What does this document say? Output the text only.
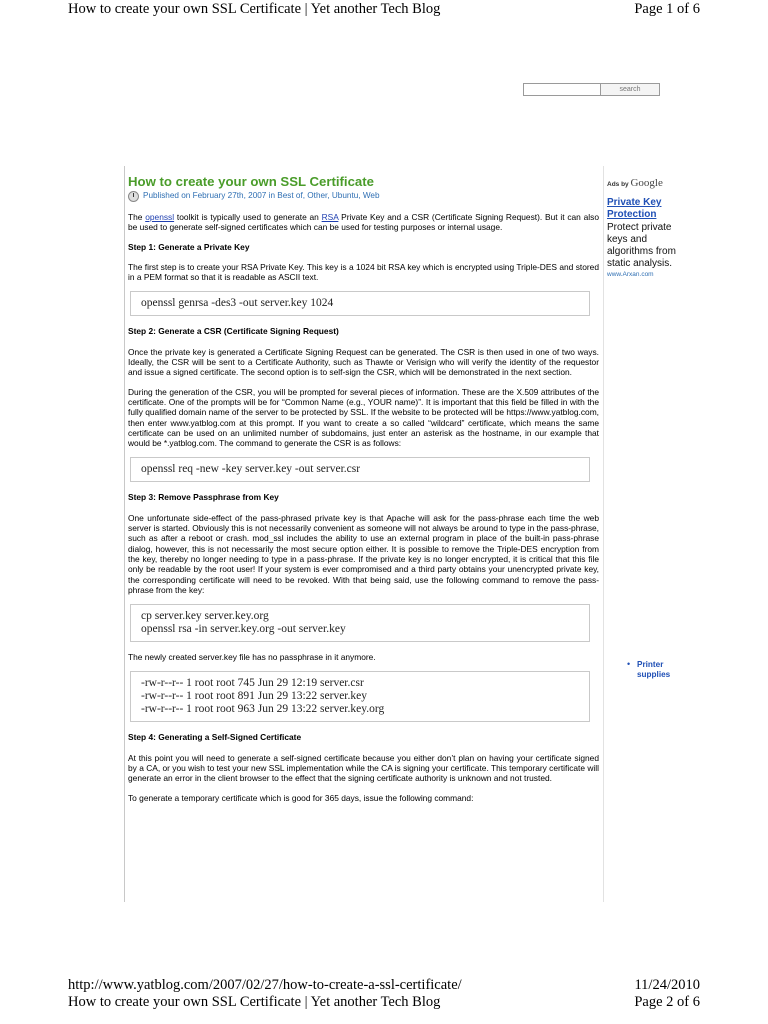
How to create your own SSL Certificate | Yet another Tech Blog	Page 1 of 6
search
How to create your own SSL Certificate
Published on February 27th, 2007 in Best of, Other, Ubuntu, Web

The openssl toolkit is typically used to generate an RSA Private Key and a CSR (Certificate Signing Request). But it can also be used to generate self-signed certificates which can be used for testing purposes or internal usage.

Step 1: Generate a Private Key

The first step is to create your RSA Private Key. This key is a 1024 bit RSA key which is encrypted using Triple-DES and stored in a PEM format so that it is readable as ASCII text.

openssl genrsa -des3 -out server.key 1024
Step 2: Generate a CSR (Certificate Signing Request)

Once the private key is generated a Certificate Signing Request can be generated. The CSR is then used in one of two ways. Ideally, the CSR will be sent to a Certificate Authority, such as Thawte or Verisign who will verify the identity of the requestor and issue a signed certificate. The second option is to self-sign the CSR, which will be demonstrated in the next section.

During the generation of the CSR, you will be prompted for several pieces of information. These are the X.509 attributes of the certificate. One of the prompts will be for “Common Name (e.g., YOUR name)”. It is important that this field be filled in with the fully qualified domain name of the server to be protected by SSL. If the website to be protected will be https://www.yatblog.com, then enter www.yatblog.com at this prompt. If you want to create a so called “wildcard” certificate, which means the same certificate can be used on an unlimited number of subdomains, just enter an asterisk as the hostname, in our example that would be *.yatblog.com. The command to generate the CSR is as follows:

openssl req -new -key server.key -out server.csr
Step 3: Remove Passphrase from Key

One unfortunate side-effect of the pass-phrased private key is that Apache will ask for the pass-phrase each time the web server is started. Obviously this is not necessarily convenient as someone will not always be around to type in the pass-phrase, such as after a reboot or crash. mod_ssl includes the ability to use an external program in place of the built-in pass-phrase dialog, however, this is not necessarily the most secure option either. It is possible to remove the Triple-DES encryption from the key, thereby no longer needing to type in a pass-phrase. If the private key is no longer encrypted, it is critical that this file only be readable by the root user! If your system is ever compromised and a third party obtains your unencrypted private key, the corresponding certificate will need to be revoked. With that being said, use the following command to remove the pass-phrase from the key:

cp server.key server.key.org
openssl rsa -in server.key.org -out server.key

The newly created server.key file has no passphrase in it anymore.

-rw-r--r-- 1 root root 745 Jun 29 12:19 server.csr
-rw-r--r-- 1 root root 891 Jun 29 13:22 server.key
-rw-r--r-- 1 root root 963 Jun 29 13:22 server.key.org
Step 4: Generating a Self-Signed Certificate

At this point you will need to generate a self-signed certificate because you either don’t plan on having your certificate signed by a CA, or you wish to test your new SSL implementation while the CA is signing your certificate. This temporary certificate will generate an error in the client browser to the effect that the signing certificate authority is unknown and not trusted.

To generate a temporary certificate which is good for 365 days, issue the following command:

Ads by Google
Private Key Protection
Protect private keys and algorithms from static analysis.
www.Arxan.com
• Printer supplies
http://www.yatblog.com/2007/02/27/how-to-create-a-ssl-certificate/	11/24/2010
How to create your own SSL Certificate | Yet another Tech Blog	Page 2 of 6
